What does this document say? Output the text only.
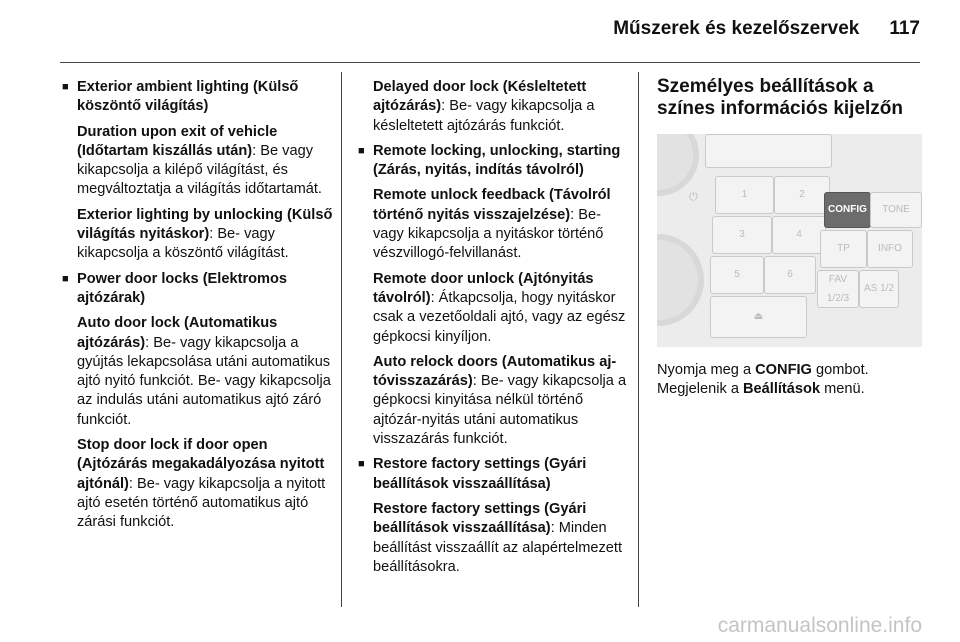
Műszerek és kezelőszervek 117
■ Exterior ambient lighting (Külső köszöntő világítás)

Duration upon exit of vehicle (Időtartam kiszállás után): Be vagy kikapcsolja a kilépő világítást, és megváltoztatja a világítás időtartamát.

Exterior lighting by unlocking (Külső világítás nyitáskor): Be- vagy kikapcsolja a köszöntő világítást.

■ Power door locks (Elektromos ajtózárak)

Auto door lock (Automatikus ajtózárás): Be- vagy kikapcsolja a gyújtás lekapcsolása utáni automatikus ajtó nyitó funkciót. Be- vagy kikapcsolja az indulás utáni automatikus ajtó záró funkciót.

Stop door lock if door open (Ajtózárás megakadályozása nyitott ajtónál): Be- vagy kikapcsolja a nyitott ajtó esetén történő automatikus ajtó zárási funkciót.

Delayed door lock (Késleltetett ajtózárás): Be- vagy kikapcsolja a késleltetett ajtózárás funkciót.

■ Remote locking, unlocking, starting (Zárás, nyitás, indítás távolról)

Remote unlock feedback (Távolról történő nyitás visszajelzése): Be- vagy kikapcsolja a nyitáskor történő vészvillogó-felvillanást.

Remote door unlock (Ajtónyitás távolról): Átkapcsolja, hogy nyitáskor csak a vezetőoldali ajtó, vagy az egész gépkocsi kinyíljon.

Auto relock doors (Automatikus ajtóvisszazárás): Be- vagy kikapcsolja a gépkocsi kinyitása nélkül történő ajtózár-nyitás utáni automatikus visszazárás funkciót.

■ Restore factory settings (Gyári beállítások visszaállítása)

Restore factory settings (Gyári beállítások visszaállítása): Minden beállítást visszaállít az alapértelmezett beállításokra.

Személyes beállítások a színes információs kijelzőn
⏻	1	2
3	4
5	6
⏏
CONFIG	TONE
TP	INFO
FAV 1/2/3
AS 1/2

Nyomja meg a CONFIG gombot.
Megjelenik a Beállítások menü.

carmanualsonline.info
